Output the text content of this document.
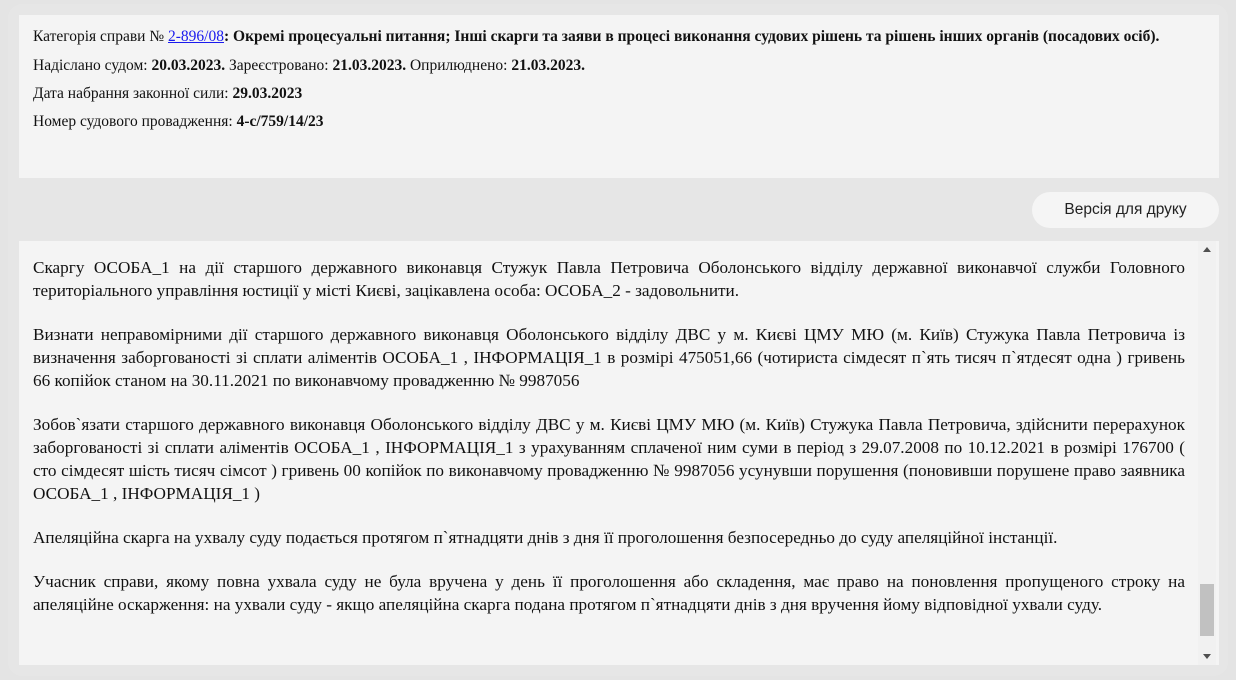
Категорія справи № 2-896/08: Окремі процесуальні питання; Інші скарги та заяви в процесі виконання судових рішень та рішень інших органів (посадових осіб).
Надіслано судом: 20.03.2023. Зареєстровано: 21.03.2023. Оприлюднено: 21.03.2023.
Дата набрання законної сили: 29.03.2023
Номер судового провадження: 4-с/759/14/23
Версія для друку

Скаргу ОСОБА_1 на дії старшого державного виконавця Стужук Павла Петровича Оболонського відділу державної виконавчої служби Головного територіального управління юстиції у місті Києві, зацікавлена особа: ОСОБА_2 - задовольнити.

Визнати неправомірними дії старшого державного виконавця Оболонського відділу ДВС у м. Києві ЦМУ МЮ (м. Київ) Стужука Павла Петровича із визначення заборгованості зі сплати аліментів ОСОБА_1 , ІНФОРМАЦІЯ_1 в розмірі 475051,66 (чотириста сімдесят п`ять тисяч п`ятдесят одна ) гривень 66 копійок станом на 30.11.2021 по виконавчому провадженню № 9987056

Зобов`язати старшого державного виконавця Оболонського відділу ДВС у м. Києві ЦМУ МЮ (м. Київ) Стужука Павла Петровича, здійснити перерахунок заборгованості зі сплати аліментів ОСОБА_1 , ІНФОРМАЦІЯ_1 з урахуванням сплаченої ним суми в період з 29.07.2008 по 10.12.2021 в розмірі 176700 ( сто сімдесят шість тисяч сімсот ) гривень 00 копійок по виконавчому провадженню № 9987056 усунувши порушення (поновивши порушене право заявника ОСОБА_1 , ІНФОРМАЦІЯ_1 )

Апеляційна скарга на ухвалу суду подається протягом п`ятнадцяти днів з дня її проголошення безпосередньо до суду апеляційної інстанції.

Учасник справи, якому повна ухвала суду не була вручена у день її проголошення або складення, має право на поновлення пропущеного строку на апеляційне оскарження: на ухвали суду - якщо апеляційна скарга подана протягом п`ятнадцяти днів з дня вручення йому відповідної ухвали суду.
